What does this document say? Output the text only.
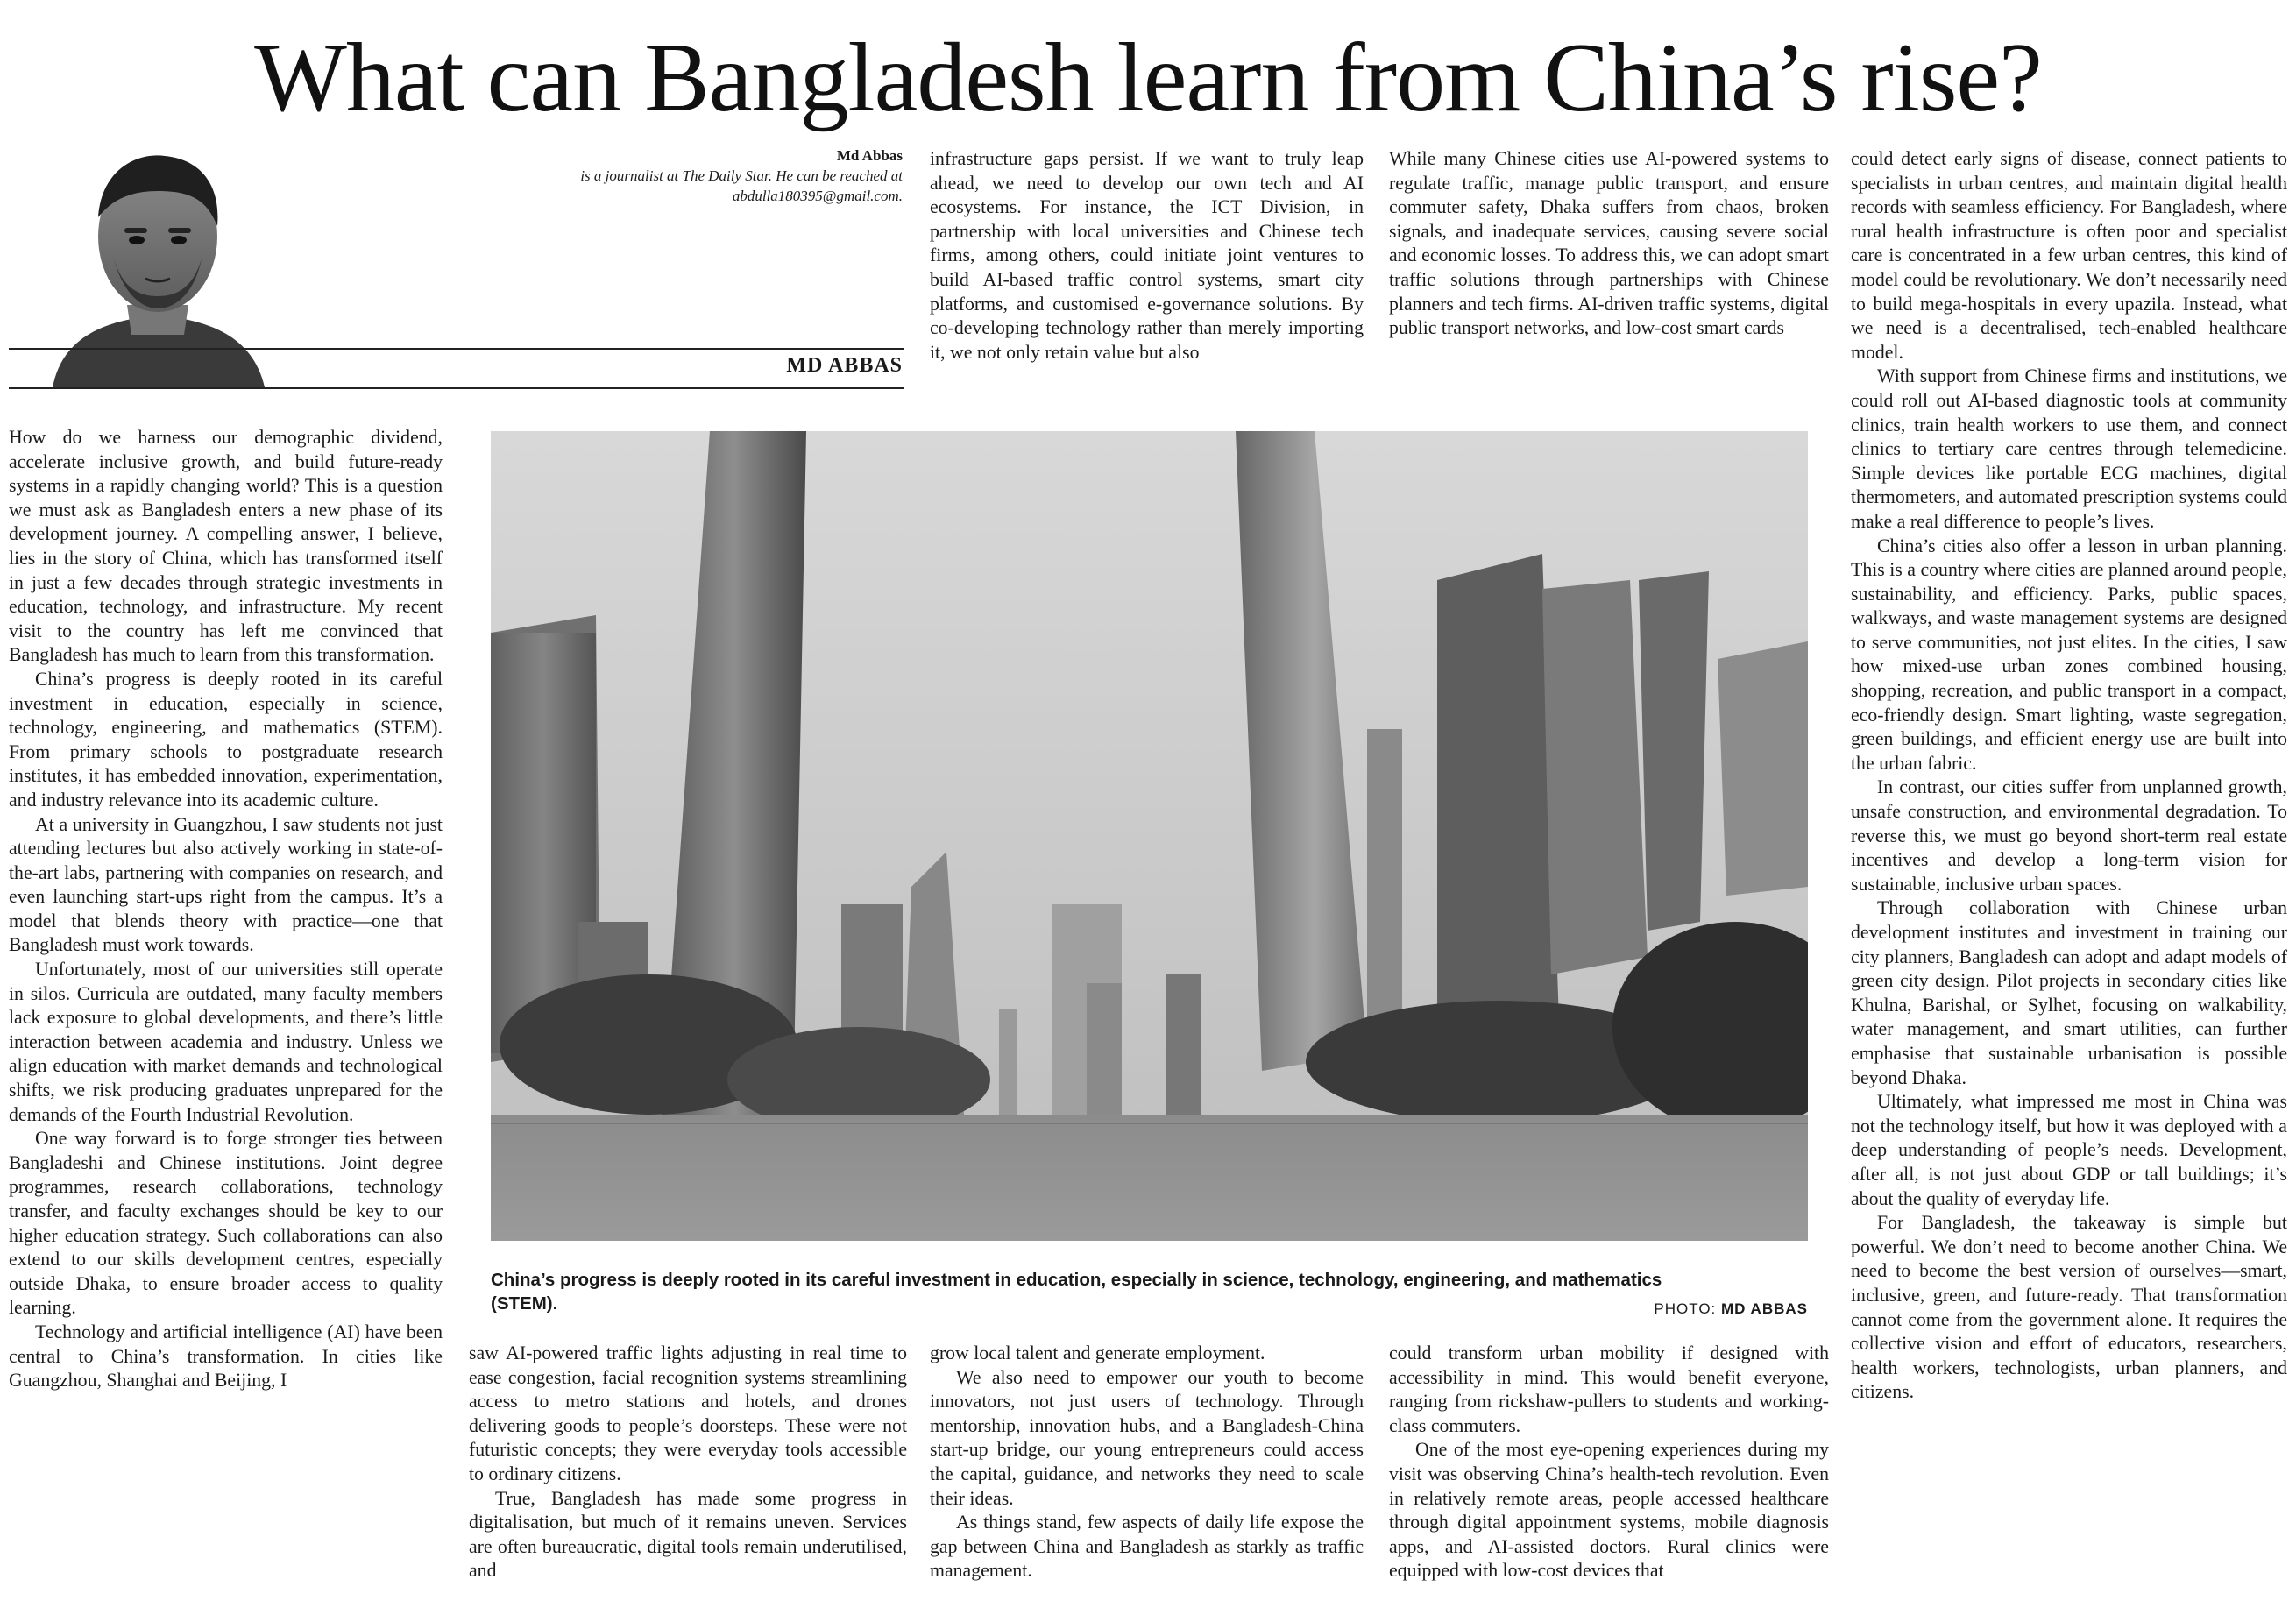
What can Bangladesh learn from China’s rise?
Md Abbas
is a journalist at The Daily Star. He can be reached at abdulla180395@gmail.com.
MD ABBAS

How do we harness our demographic dividend, accelerate inclusive growth, and build future-ready systems in a rapidly changing world? This is a question we must ask as Bangladesh enters a new phase of its development journey. A compelling answer, I believe, lies in the story of China, which has transformed itself in just a few decades through strategic investments in education, technology, and infrastructure. My recent visit to the country has left me convinced that Bangladesh has much to learn from this transformation.

China’s progress is deeply rooted in its careful investment in education, especially in science, technology, engineering, and mathematics (STEM). From primary schools to postgraduate research institutes, it has embedded innovation, experimentation, and industry relevance into its academic culture.

At a university in Guangzhou, I saw students not just attending lectures but also actively working in state-of-the-art labs, partnering with companies on research, and even launching start-ups right from the campus. It’s a model that blends theory with practice—one that Bangladesh must work towards.

Unfortunately, most of our universities still operate in silos. Curricula are outdated, many faculty members lack exposure to global developments, and there’s little interaction between academia and industry. Unless we align education with market demands and technological shifts, we risk producing graduates unprepared for the demands of the Fourth Industrial Revolution.

One way forward is to forge stronger ties between Bangladeshi and Chinese institutions. Joint degree programmes, research collaborations, technology transfer, and faculty exchanges should be key to our higher education strategy. Such collaborations can also extend to our skills development centres, especially outside Dhaka, to ensure broader access to quality learning.

Technology and artificial intelligence (AI) have been central to China’s transformation. In cities like Guangzhou, Shanghai and Beijing, I

infrastructure gaps persist. If we want to truly leap ahead, we need to develop our own tech and AI ecosystems. For instance, the ICT Division, in partnership with local universities and Chinese tech firms, among others, could initiate joint ventures to build AI-based traffic control systems, smart city platforms, and customised e-governance solutions. By co-developing technology rather than merely importing it, we not only retain value but also

While many Chinese cities use AI-powered systems to regulate traffic, manage public transport, and ensure commuter safety, Dhaka suffers from chaos, broken signals, and inadequate services, causing severe social and economic losses. To address this, we can adopt smart traffic solutions through partnerships with Chinese planners and tech firms. AI-driven traffic systems, digital public transport networks, and low-cost smart cards

could detect early signs of disease, connect patients to specialists in urban centres, and maintain digital health records with seamless efficiency. For Bangladesh, where rural health infrastructure is often poor and specialist care is concentrated in a few urban centres, this kind of model could be revolutionary. We don’t necessarily need to build mega-hospitals in every upazila. Instead, what we need is a decentralised, tech-enabled healthcare model.

With support from Chinese firms and institutions, we could roll out AI-based diagnostic tools at community clinics, train health workers to use them, and connect clinics to tertiary care centres through telemedicine. Simple devices like portable ECG machines, digital thermometers, and automated prescription systems could make a real difference to people’s lives.

China’s cities also offer a lesson in urban planning. This is a country where cities are planned around people, sustainability, and efficiency. Parks, public spaces, walkways, and waste management systems are designed to serve communities, not just elites. In the cities, I saw how mixed-use urban zones combined housing, shopping, recreation, and public transport in a compact, eco-friendly design. Smart lighting, waste segregation, green buildings, and efficient energy use are built into the urban fabric.

In contrast, our cities suffer from unplanned growth, unsafe construction, and environmental degradation. To reverse this, we must go beyond short-term real estate incentives and develop a long-term vision for sustainable, inclusive urban spaces.

Through collaboration with Chinese urban development institutes and investment in training our city planners, Bangladesh can adopt and adapt models of green city design. Pilot projects in secondary cities like Khulna, Barishal, or Sylhet, focusing on walkability, water management, and smart utilities, can further emphasise that sustainable urbanisation is possible beyond Dhaka.

Ultimately, what impressed me most in China was not the technology itself, but how it was deployed with a deep understanding of people’s needs. Development, after all, is not just about GDP or tall buildings; it’s about the quality of everyday life.

For Bangladesh, the takeaway is simple but powerful. We don’t need to become another China. We need to become the best version of ourselves—smart, inclusive, green, and future-ready. That transformation cannot come from the government alone. It requires the collective vision and effort of educators, researchers, health workers, technologists, urban planners, and citizens.

China’s progress is deeply rooted in its careful investment in education, especially in science, technology, engineering, and mathematics (STEM).	PHOTO: MD ABBAS

saw AI-powered traffic lights adjusting in real time to ease congestion, facial recognition systems streamlining access to metro stations and hotels, and drones delivering goods to people’s doorsteps. These were not futuristic concepts; they were everyday tools accessible to ordinary citizens.

True, Bangladesh has made some progress in digitalisation, but much of it remains uneven. Services are often bureaucratic, digital tools remain underutilised, and

grow local talent and generate employment.

We also need to empower our youth to become innovators, not just users of technology. Through mentorship, innovation hubs, and a Bangladesh-China start-up bridge, our young entrepreneurs could access the capital, guidance, and networks they need to scale their ideas.

As things stand, few aspects of daily life expose the gap between China and Bangladesh as starkly as traffic management.

could transform urban mobility if designed with accessibility in mind. This would benefit everyone, ranging from rickshaw-pullers to students and working-class commuters.

One of the most eye-opening experiences during my visit was observing China’s health-tech revolution. Even in relatively remote areas, people accessed healthcare through digital appointment systems, mobile diagnosis apps, and AI-assisted doctors. Rural clinics were equipped with low-cost devices that
